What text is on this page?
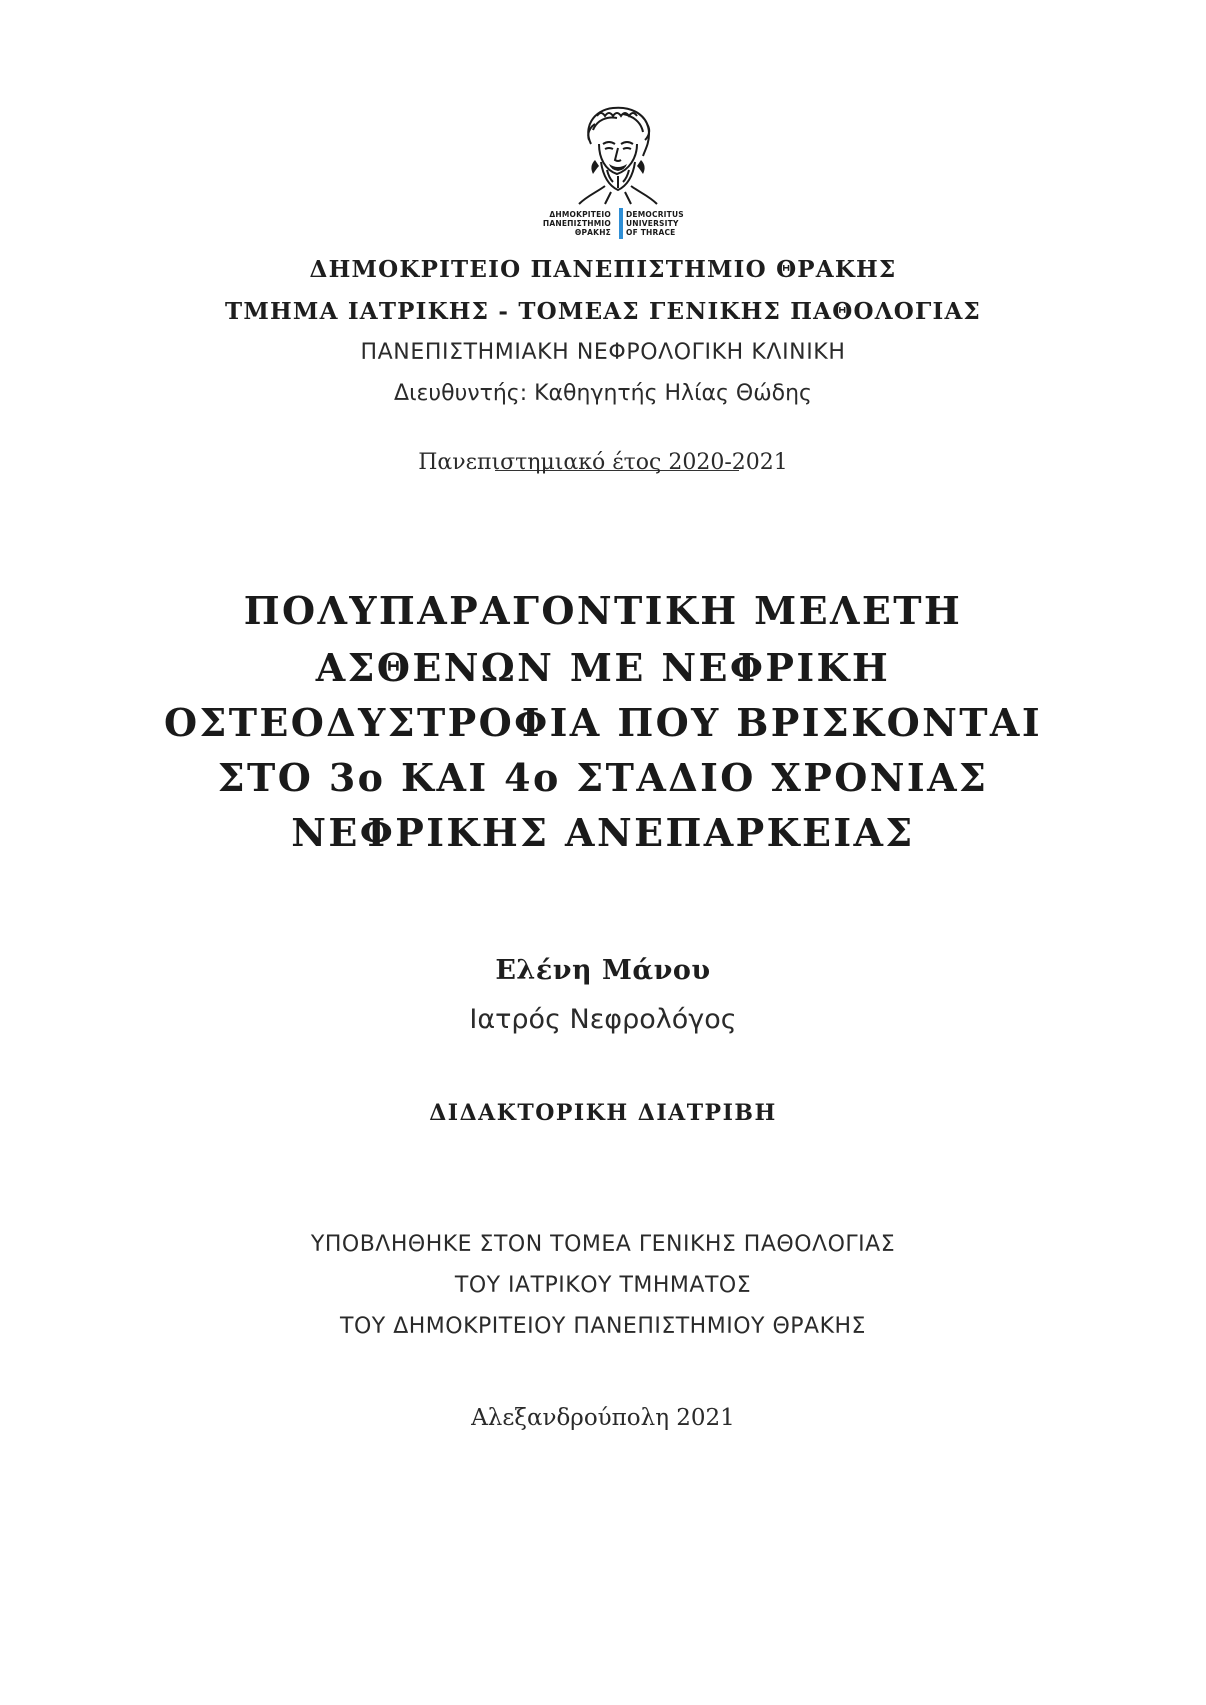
ΔΗΜΟΚΡΙΤΕΙΟ
ΠΑΝΕΠΙΣΤΗΜΙΟ
ΘΡΑΚΗΣ
DEMOCRITUS
UNIVERSITY
OF THRACE
ΔΗΜΟΚΡΙΤΕΙΟ ΠΑΝΕΠΙΣΤΗΜΙΟ ΘΡΑΚΗΣ
ΤΜΗΜΑ ΙΑΤΡΙΚΗΣ - ΤΟΜΕΑΣ ΓΕΝΙΚΗΣ ΠΑΘΟΛΟΓΙΑΣ
ΠΑΝΕΠΙΣΤΗΜΙΑΚΗ ΝΕΦΡΟΛΟΓΙΚΗ ΚΛΙΝΙΚΗ
Διευθυντής: Καθηγητής Ηλίας Θώδης
Πανεπιστημιακό έτος 2020-2021
ΠΟΛΥΠΑΡΑΓΟΝΤΙΚΗ ΜΕΛΕΤΗ
ΑΣΘΕΝΩΝ ΜΕ ΝΕΦΡΙΚΗ
ΟΣΤΕΟΔΥΣΤΡΟΦΙΑ ΠΟΥ ΒΡΙΣΚΟΝΤΑΙ
ΣΤΟ 3ο ΚΑΙ 4ο ΣΤΑΔΙΟ ΧΡΟΝΙΑΣ
ΝΕΦΡΙΚΗΣ ΑΝΕΠΑΡΚΕΙΑΣ
Ελένη Μάνου
Ιατρός Νεφρολόγος
ΔΙΔΑΚΤΟΡΙΚΗ ΔΙΑΤΡΙΒΗ
ΥΠΟΒΛΗΘΗΚΕ ΣΤΟΝ ΤΟΜΕΑ ΓΕΝΙΚΗΣ ΠΑΘΟΛΟΓΙΑΣ
ΤΟΥ ΙΑΤΡΙΚΟΥ ΤΜΗΜΑΤΟΣ
ΤΟΥ ΔΗΜΟΚΡΙΤΕΙΟΥ ΠΑΝΕΠΙΣΤΗΜΙΟΥ ΘΡΑΚΗΣ
Αλεξανδρούπολη 2021
